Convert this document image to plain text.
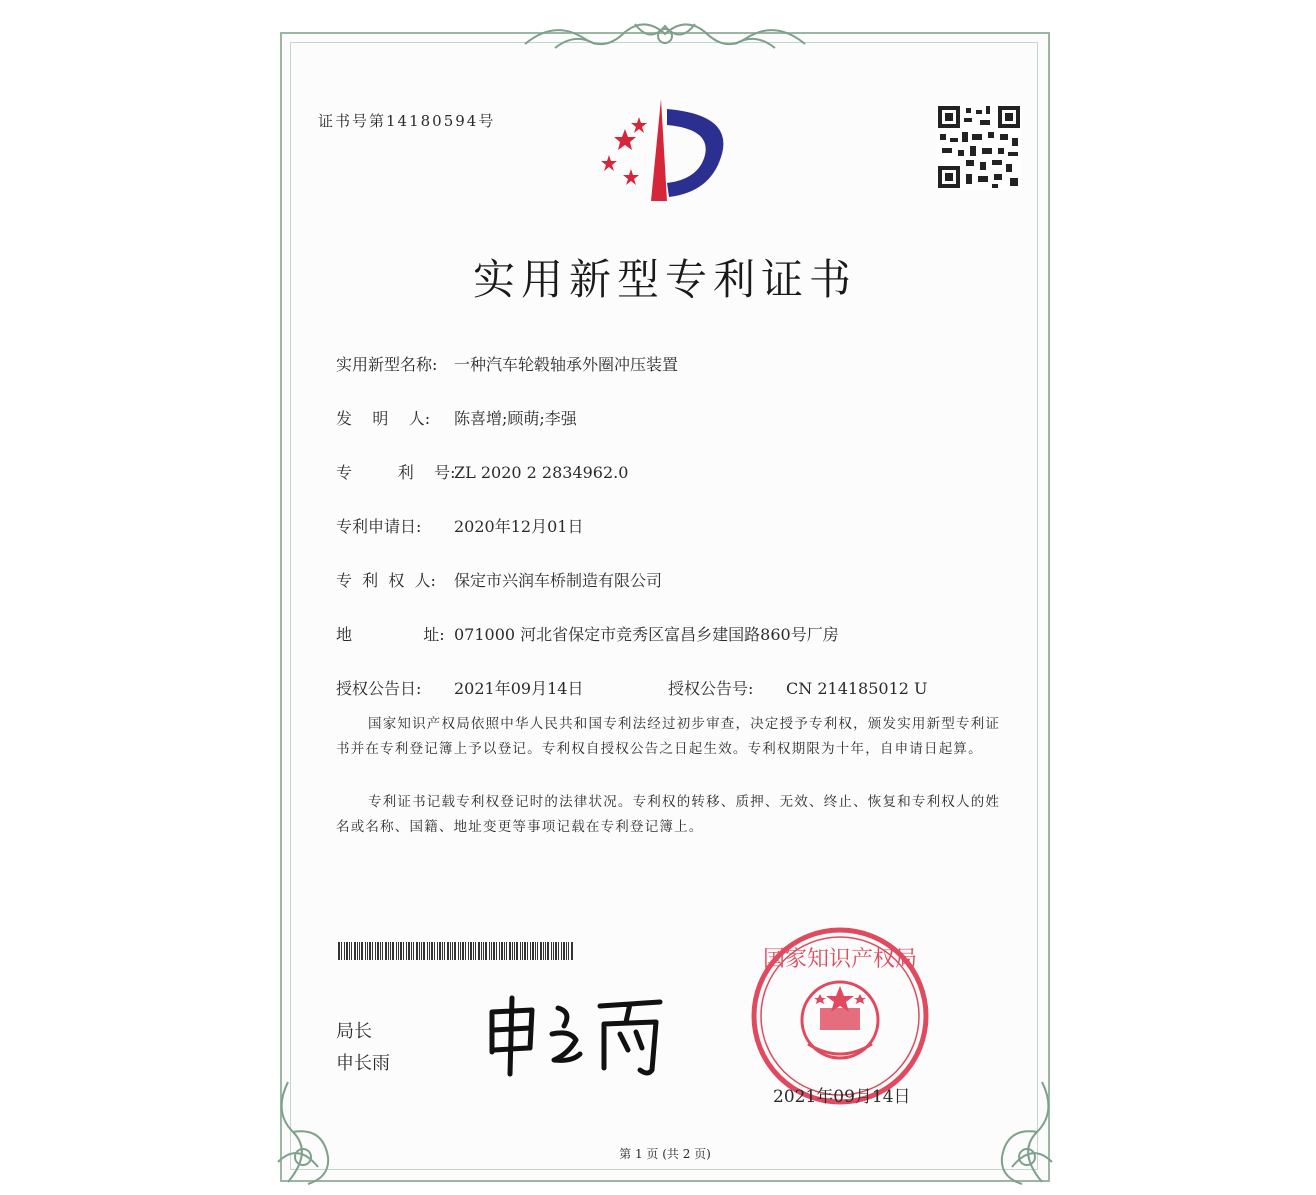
证书号第14180594号
实用新型专利证书
实用新型名称: 一种汽车轮毂轴承外圈冲压装置
发    明    人: 陈喜增;顾萌;李强
专         利    号:ZL 2020 2 2834962.0
专利申请日: 2020年12月01日
专  利  权  人: 保定市兴润车桥制造有限公司
地              址: 071000 河北省保定市竞秀区富昌乡建国路860号厂房
授权公告日: 2021年09月14日	授权公告号: CN 214185012 U
国家知识产权局依照中华人民共和国专利法经过初步审查，决定授予专利权，颁发实用新型专利证书并在专利登记簿上予以登记。专利权自授权公告之日起生效。专利权期限为十年，自申请日起算。
专利证书记载专利权登记时的法律状况。专利权的转移、质押、无效、终止、恢复和专利权人的姓名或名称、国籍、地址变更等事项记载在专利登记簿上。
局长
申长雨
国家知识产权局
2021年09月14日
第 1 页 (共 2 页)
